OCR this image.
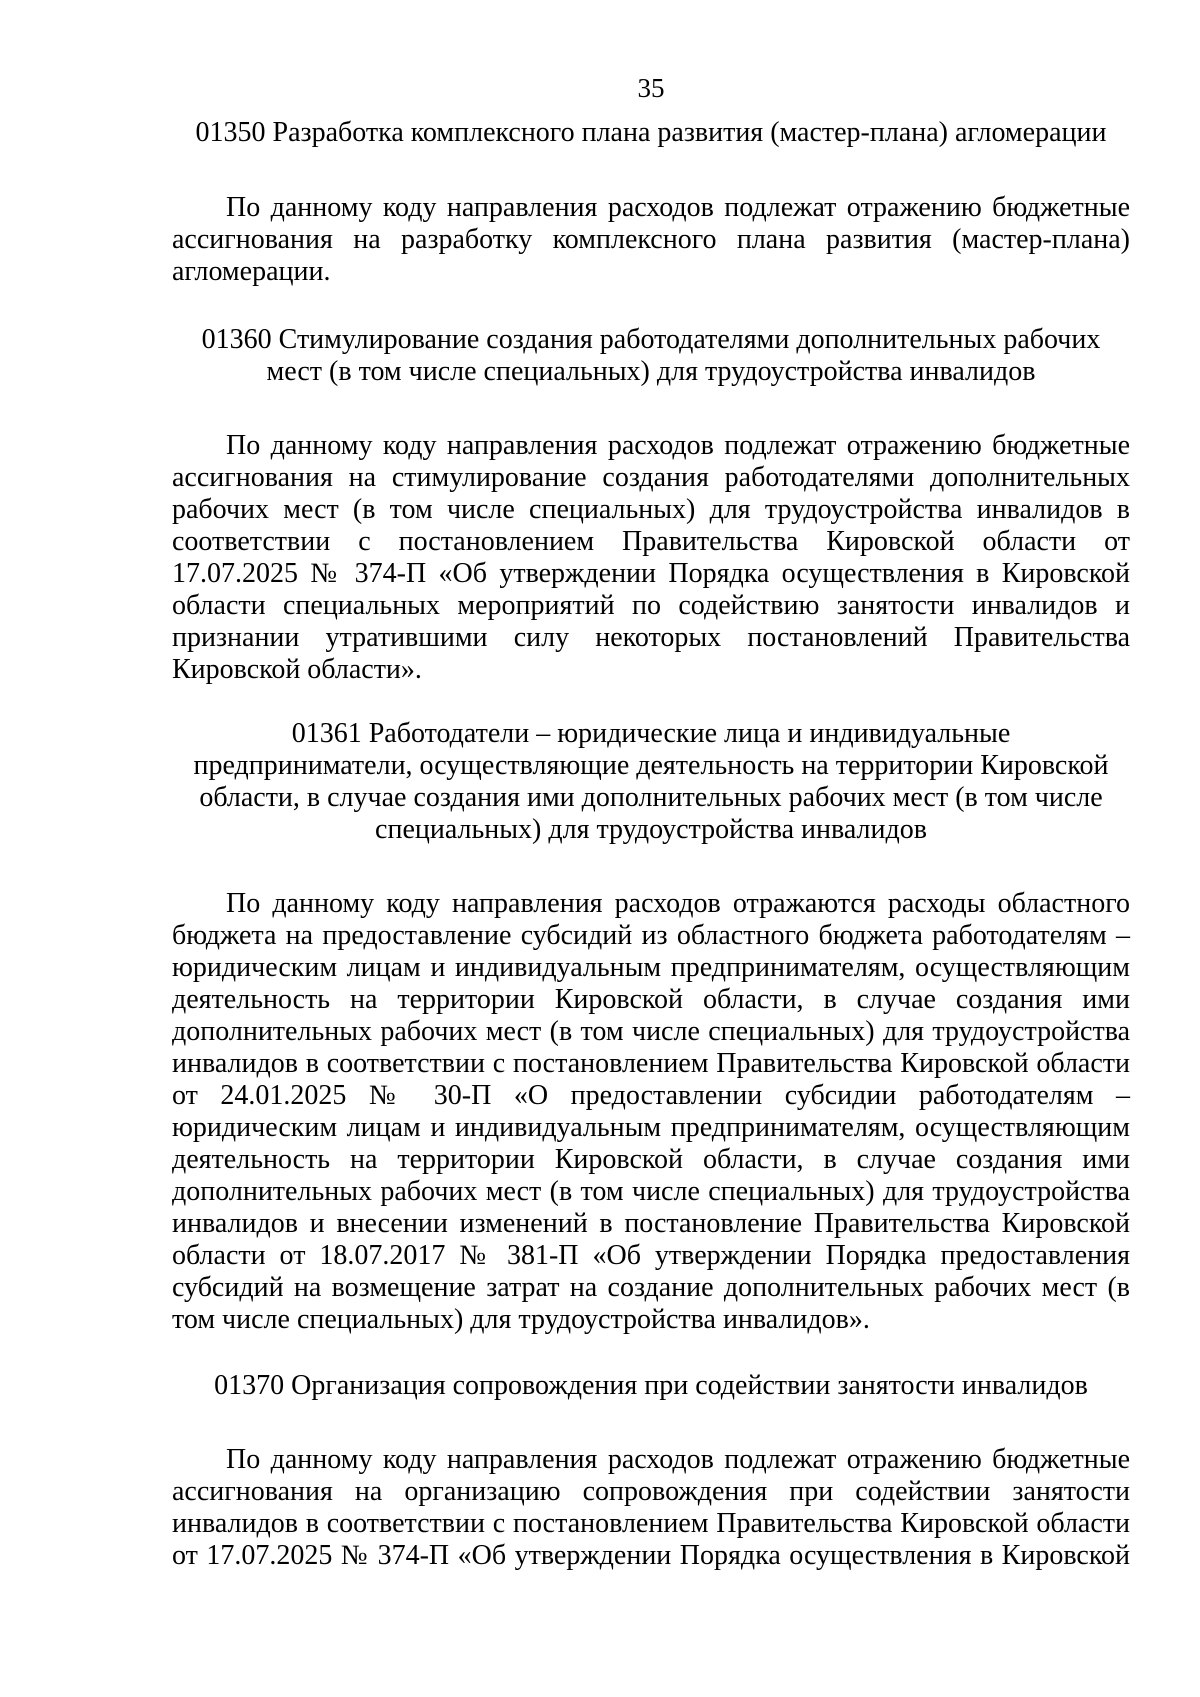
35
01350 Разработка комплексного плана развития (мастер-плана) агломерации
По данному коду направления расходов подлежат отражению бюджетные
ассигнования на разработку комплексного плана развития (мастер-плана)
агломерации.
01360 Стимулирование создания работодателями дополнительных рабочих
мест (в том числе специальных) для трудоустройства инвалидов
По данному коду направления расходов подлежат отражению бюджетные
ассигнования на стимулирование создания работодателями дополнительных
рабочих мест (в том числе специальных) для трудоустройства инвалидов в
соответствии с постановлением Правительства Кировской области от
17.07.2025 № 374-П «Об утверждении Порядка осуществления в Кировской
области специальных мероприятий по содействию занятости инвалидов и
признании утратившими силу некоторых постановлений Правительства
Кировской области».
01361 Работодатели – юридические лица и индивидуальные
предприниматели, осуществляющие деятельность на территории Кировской
области, в случае создания ими дополнительных рабочих мест (в том числе
специальных) для трудоустройства инвалидов
По данному коду направления расходов отражаются расходы областного
бюджета на предоставление субсидий из областного бюджета работодателям –
юридическим лицам и индивидуальным предпринимателям, осуществляющим
деятельность на территории Кировской области, в случае создания ими
дополнительных рабочих мест (в том числе специальных) для трудоустройства
инвалидов в соответствии с постановлением Правительства Кировской области
от 24.01.2025 № 30-П «О предоставлении субсидии работодателям –
юридическим лицам и индивидуальным предпринимателям, осуществляющим
деятельность на территории Кировской области, в случае создания ими
дополнительных рабочих мест (в том числе специальных) для трудоустройства
инвалидов и внесении изменений в постановление Правительства Кировской
области от 18.07.2017 № 381-П «Об утверждении Порядка предоставления
субсидий на возмещение затрат на создание дополнительных рабочих мест (в
том числе специальных) для трудоустройства инвалидов».
01370 Организация сопровождения при содействии занятости инвалидов
По данному коду направления расходов подлежат отражению бюджетные
ассигнования на организацию сопровождения при содействии занятости
инвалидов в соответствии с постановлением Правительства Кировской области
от 17.07.2025 № 374-П «Об утверждении Порядка осуществления в Кировской
